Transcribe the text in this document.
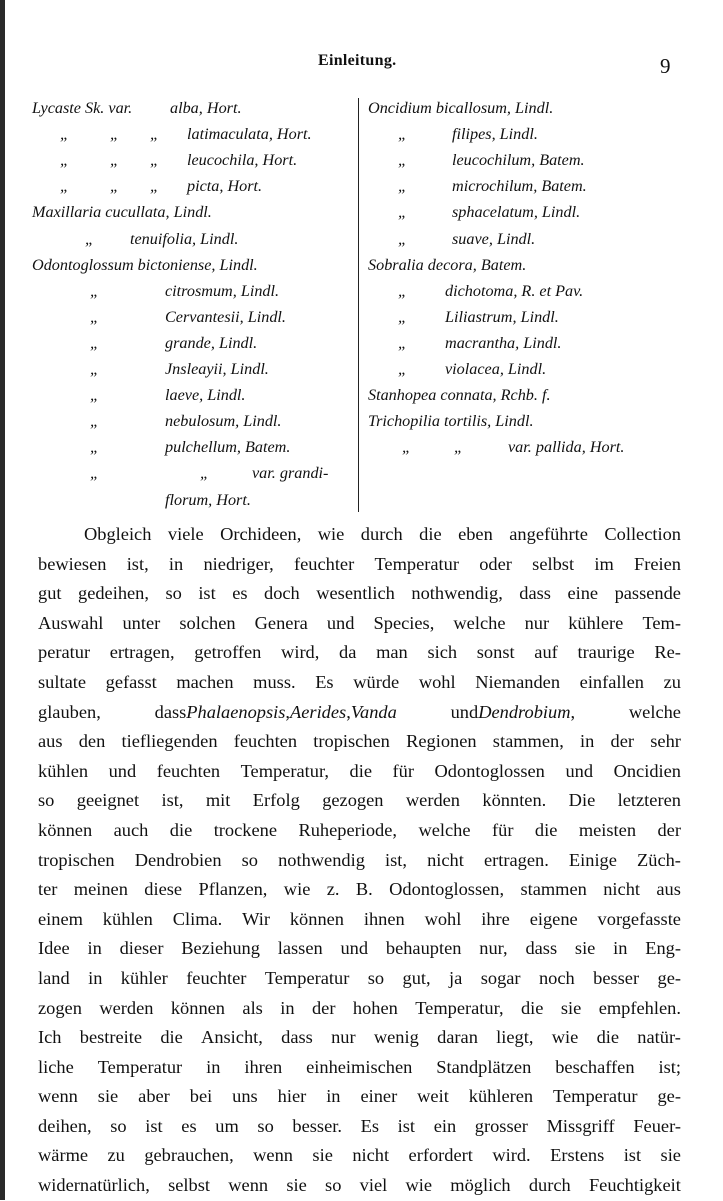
Einleitung.	9
Lycaste Sk. var. alba, Hort.
„	„ „ latimaculata, Hort.
„	„ „ leucochila, Hort.
„	„ „ picta, Hort.
Maxillaria cucullata, Lindl.
„ tenuifolia, Lindl.
Odontoglossum bictoniense, Lindl.
„	citrosmum, Lindl.
„	Cervantesii, Lindl.
„	grande, Lindl.
„	Jnsleayii, Lindl.
„	laeve, Lindl.
„	nebulosum, Lindl.
„	pulchellum, Batem.
„	„	var. grandi-
florum, Hort.
Oncidium bicallosum, Lindl.
„	filipes, Lindl.
„	leucochilum, Batem.
„	microchilum, Batem.
„	sphacelatum, Lindl.
„	suave, Lindl.
Sobralia decora, Batem.
„ dichotoma, R. et Pav.
„ Liliastrum, Lindl.
„ macrantha, Lindl.
„ violacea, Lindl.
Stanhopea connata, Rchb. f.
Trichopilia tortilis, Lindl.
„	„	var. pallida, Hort.
Obgleich viele Orchideen, wie durch die eben angeführte Collection
bewiesen ist, in niedriger, feuchter Temperatur oder selbst im Freien
gut gedeihen, so ist es doch wesentlich nothwendig, dass eine passende
Auswahl unter solchen Genera und Species, welche nur kühlere Tem-
peratur ertragen, getroffen wird, da man sich sonst auf traurige Re-
sultate gefasst machen muss. Es würde wohl Niemanden einfallen zu
glauben,	dassPhalaenopsis,Aerides,Vanda	undDendrobium,	welche
aus den tiefliegenden feuchten tropischen Regionen stammen, in der sehr
kühlen und feuchten Temperatur, die für Odontoglossen und Oncidien
so geeignet ist, mit Erfolg gezogen werden könnten. Die letzteren
können auch die trockene Ruheperiode, welche für die meisten der
tropischen Dendrobien so nothwendig ist, nicht ertragen. Einige Züch-
ter meinen diese Pflanzen, wie z. B. Odontoglossen, stammen nicht aus
einem kühlen Clima. Wir können ihnen wohl ihre eigene vorgefasste
Idee in dieser Beziehung lassen und behaupten nur, dass sie in Eng-
land in kühler feuchter Temperatur so gut, ja sogar noch besser ge-
zogen werden können als in der hohen Temperatur, die sie empfehlen.
Ich bestreite die Ansicht, dass nur wenig daran liegt, wie die natür-
liche Temperatur in ihren einheimischen Standplätzen beschaffen ist;
wenn sie aber bei uns hier in einer weit kühleren Temperatur ge-
deihen, so ist es um so besser. Es ist ein grosser Missgriff Feuer-
wärme zu gebrauchen, wenn sie nicht erfordert wird. Erstens ist sie
widernatürlich, selbst wenn sie so viel wie möglich durch Feuchtigkeit
